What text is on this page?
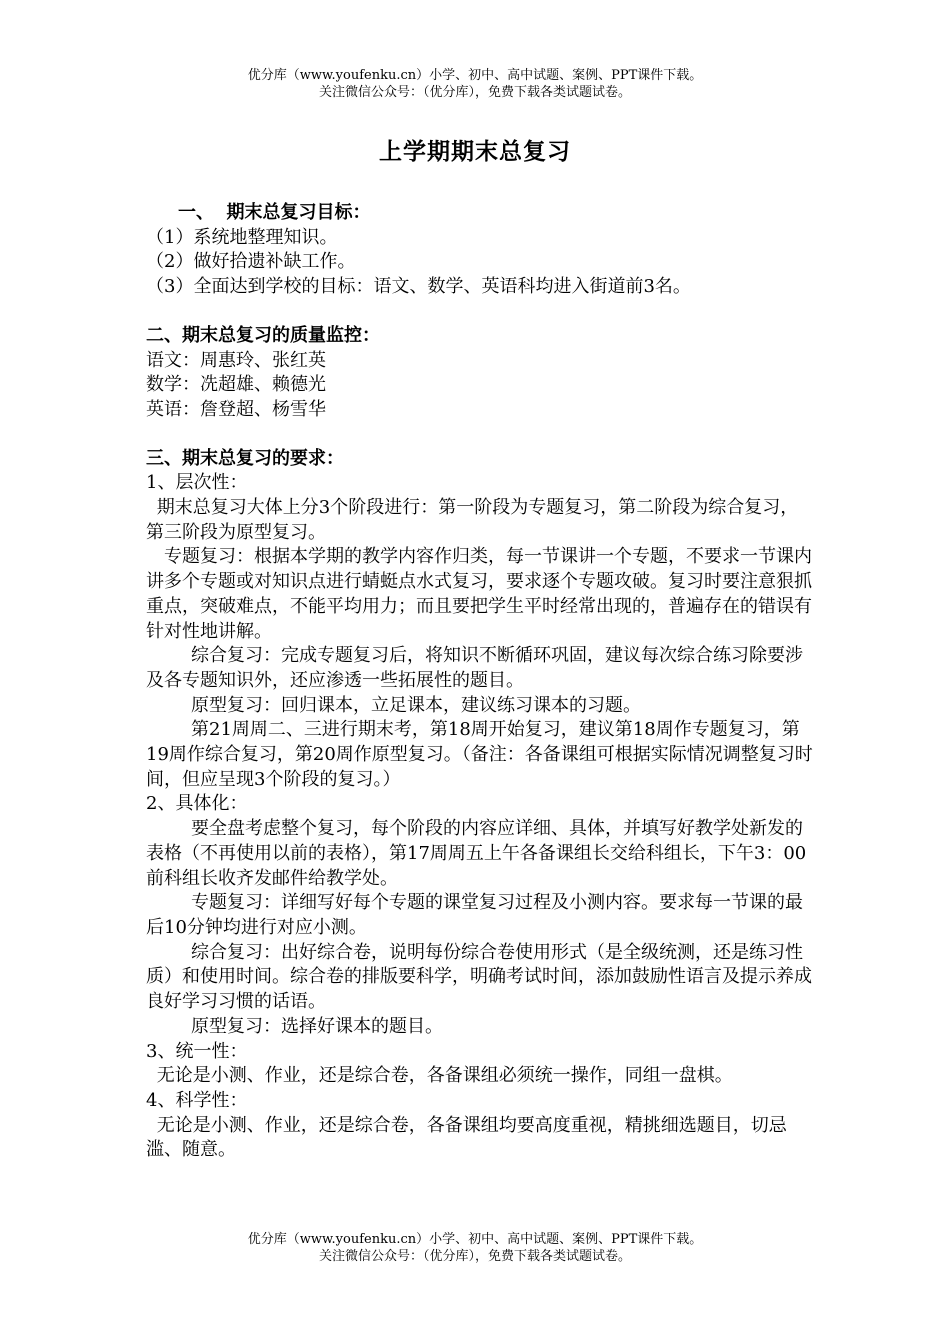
优分库（www.youfenku.cn）小学、初中、高中试题、案例、PPT课件下载。
关注微信公众号：（优分库），免费下载各类试题试卷。
上学期期末总复习

一、  期末总复习目标：

（1）系统地整理知识。

（2）做好拾遗补缺工作。

（3）全面达到学校的目标：语文、数学、英语科均进入街道前3名。

二、期末总复习的质量监控：

语文：周惠玲、张红英

数学：冼超雄、赖德光

英语：詹登超、杨雪华

三、期末总复习的要求：

1、层次性：

期末总复习大体上分3个阶段进行：第一阶段为专题复习，第二阶段为综合复习，第三阶段为原型复习。

专题复习：根据本学期的教学内容作归类，每一节课讲一个专题，不要求一节课内讲多个专题或对知识点进行蜻蜓点水式复习，要求逐个专题攻破。复习时要注意狠抓重点，突破难点，不能平均用力；而且要把学生平时经常出现的，普遍存在的错误有针对性地讲解。

综合复习：完成专题复习后，将知识不断循环巩固，建议每次综合练习除要涉及各专题知识外，还应渗透一些拓展性的题目。

原型复习：回归课本，立足课本，建议练习课本的习题。

第21周周二、三进行期末考，第18周开始复习，建议第18周作专题复习，第19周作综合复习，第20周作原型复习。（备注：各备课组可根据实际情况调整复习时间，但应呈现3个阶段的复习。）

2、具体化：

要全盘考虑整个复习，每个阶段的内容应详细、具体，并填写好教学处新发的表格（不再使用以前的表格），第17周周五上午各备课组长交给科组长，下午3：00前科组长收齐发邮件给教学处。

专题复习：详细写好每个专题的课堂复习过程及小测内容。要求每一节课的最后10分钟均进行对应小测。

综合复习：出好综合卷，说明每份综合卷使用形式（是全级统测，还是练习性质）和使用时间。综合卷的排版要科学，明确考试时间，添加鼓励性语言及提示养成良好学习习惯的话语。

原型复习：选择好课本的题目。

3、统一性：

无论是小测、作业，还是综合卷，各备课组必须统一操作，同组一盘棋。

4、科学性：

无论是小测、作业，还是综合卷，各备课组均要高度重视，精挑细选题目，切忌滥、随意。

优分库（www.youfenku.cn）小学、初中、高中试题、案例、PPT课件下载。
关注微信公众号：（优分库），免费下载各类试题试卷。
